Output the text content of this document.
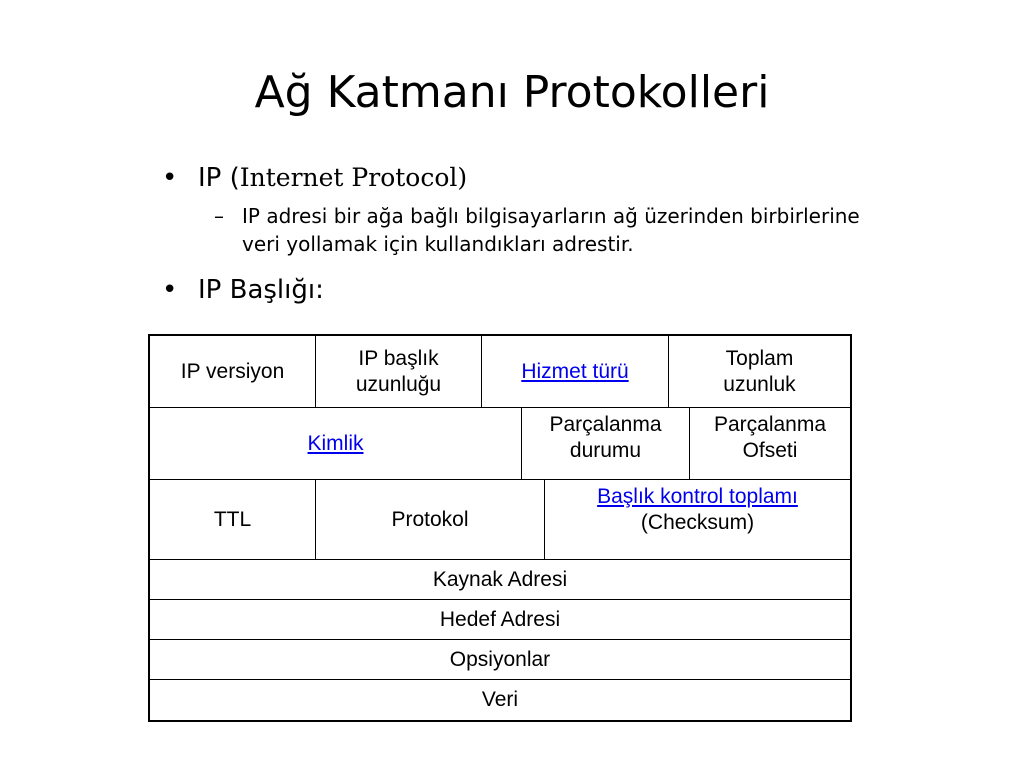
Ağ Katmanı Protokolleri
• IP (Internet Protocol)
– IP adresi bir ağa bağlı bilgisayarların ağ üzerinden birbirlerine veri yollamak için kullandıkları adrestir.
• IP Başlığı:
IP versiyon
IP başlık
uzunluğu
Hizmet türü
Toplam
uzunluk
Kimlik
Parçalanma
durumu
Parçalanma
Ofseti
TTL	Protokol
Başlık kontrol toplamı
(Checksum)
Kaynak Adresi
Hedef Adresi
Opsiyonlar
Veri
